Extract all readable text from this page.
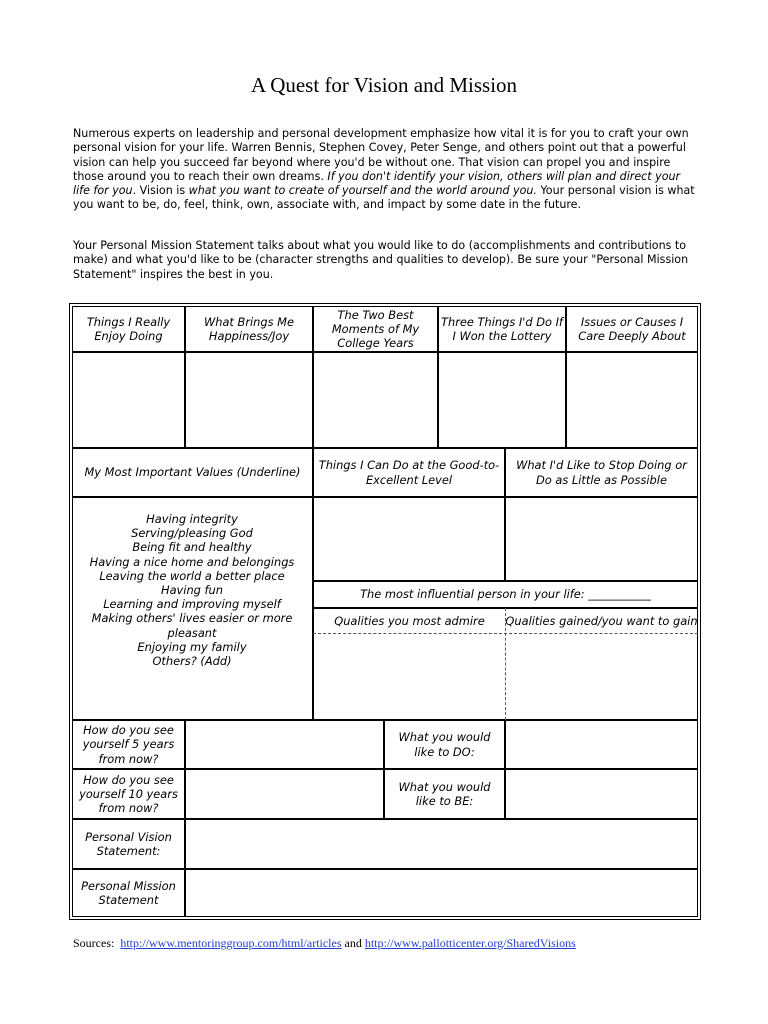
A Quest for Vision and Mission
Numerous experts on leadership and personal development emphasize how vital it is for you to craft your own personal vision for your life. Warren Bennis, Stephen Covey, Peter Senge, and others point out that a powerful vision can help you succeed far beyond where you'd be without one. That vision can propel you and inspire those around you to reach their own dreams. If you don't identify your vision, others will plan and direct your life for you. Vision is what you want to create of yourself and the world around you. Your personal vision is what you want to be, do, feel, think, own, associate with, and impact by some date in the future.
Your Personal Mission Statement talks about what you would like to do (accomplishments and contributions to make) and what you'd like to be (character strengths and qualities to develop). Be sure your "Personal Mission Statement" inspires the best in you.
Things I Really Enjoy Doing
What Brings Me Happiness/Joy
The Two Best Moments of My College Years
Three Things I'd Do If I Won the Lottery
Issues or Causes I Care Deeply About
My Most Important Values (Underline)
Having integrity
Serving/pleasing God
Being fit and healthy
Having a nice home and belongings
Leaving the world a better place
Having fun
Learning and improving myself
Making others' lives easier or more
pleasant
Enjoying my family
Others? (Add)
Things I Can Do at the Good-to-Excellent Level
What I'd Like to Stop Doing or Do as Little as Possible
The most influential person in your life: ___________
Qualities you most admire	Qualities gained/you want to gain
How do you see yourself 5 years from now?
What you would like to DO:
How do you see yourself 10 years from now?
What you would like to BE:
Personal Vision Statement:
Personal Mission Statement
Sources: http://www.mentoringgroup.com/html/articles and http://www.pallotticenter.org/SharedVisions
